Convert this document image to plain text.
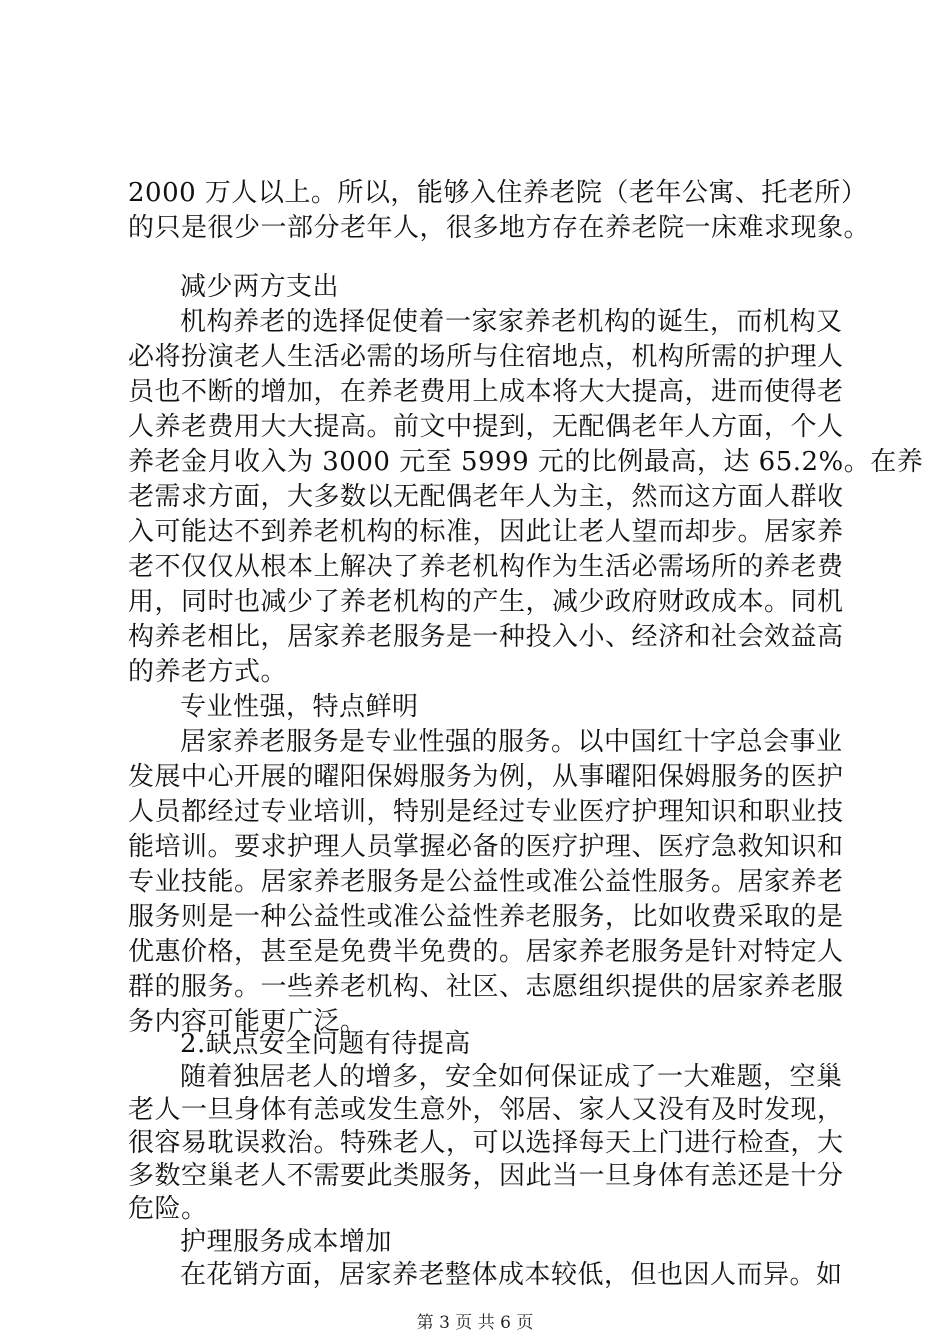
2000 万人以上。所以，能够入住养老院（老年公寓、托老所）
的只是很少一部分老年人，很多地方存在养老院一床难求现象。
减少两方支出
机构养老的选择促使着一家家养老机构的诞生，而机构又
必将扮演老人生活必需的场所与住宿地点，机构所需的护理人
员也不断的增加，在养老费用上成本将大大提高，进而使得老
人养老费用大大提高。前文中提到，无配偶老年人方面，个人
养老金月收入为 3000 元至 5999 元的比例最高，达 65.2%。在养
老需求方面，大多数以无配偶老年人为主，然而这方面人群收
入可能达不到养老机构的标准，因此让老人望而却步。居家养
老不仅仅从根本上解决了养老机构作为生活必需场所的养老费
用，同时也减少了养老机构的产生，减少政府财政成本。同机
构养老相比，居家养老服务是一种投入小、经济和社会效益高
的养老方式。
专业性强，特点鲜明
居家养老服务是专业性强的服务。以中国红十字总会事业
发展中心开展的曜阳保姆服务为例，从事曜阳保姆服务的医护
人员都经过专业培训，特别是经过专业医疗护理知识和职业技
能培训。要求护理人员掌握必备的医疗护理、医疗急救知识和
专业技能。居家养老服务是公益性或准公益性服务。居家养老
服务则是一种公益性或准公益性养老服务，比如收费采取的是
优惠价格，甚至是免费半免费的。居家养老服务是针对特定人
群的服务。一些养老机构、社区、志愿组织提供的居家养老服
务内容可能更广泛。
2.缺点安全问题有待提高
随着独居老人的增多，安全如何保证成了一大难题，空巢
老人一旦身体有恙或发生意外，邻居、家人又没有及时发现，
很容易耽误救治。特殊老人，可以选择每天上门进行检查，大
多数空巢老人不需要此类服务，因此当一旦身体有恙还是十分
危险。
护理服务成本增加
在花销方面，居家养老整体成本较低，但也因人而异。如
第 3 页 共 6 页
